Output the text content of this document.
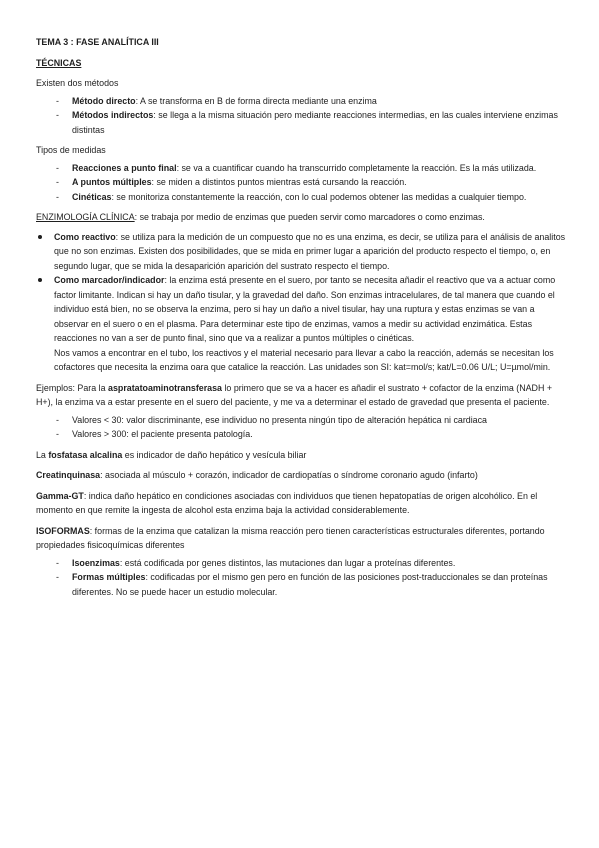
TEMA 3 : FASE ANALÍTICA III

TÉCNICAS

Existen dos métodos

- Método directo: A se transforma en B de forma directa mediante una enzima
- Métodos indirectos: se llega a la misma situación pero mediante reacciones intermedias, en las cuales interviene enzimas distintas

Tipos de medidas

- Reacciones a punto final: se va a cuantificar cuando ha transcurrido completamente la reacción. Es la más utilizada.
- A puntos múltiples: se miden a distintos puntos mientras está cursando la reacción.
- Cinéticas: se monitoriza constantemente la reacción, con lo cual podemos obtener las medidas a cualquier tiempo.

ENZIMOLOGÍA CLÍNICA: se trabaja por medio de enzimas que pueden servir como marcadores o como enzimas.

Como reactivo: se utiliza para la medición de un compuesto que no es una enzima, es decir, se utiliza para el análisis de analitos que no son enzimas. Existen dos posibilidades, que se mida en primer lugar a aparición del producto respecto el tiempo, o, en segundo lugar, que se mida la desaparición aparición del sustrato respecto el tiempo.
Como marcador/indicador: la enzima está presente en el suero, por tanto se necesita añadir el reactivo que va a actuar como factor limitante. Indican si hay un daño tisular, y la gravedad del daño. Son enzimas intracelulares, de tal manera que cuando el individuo está bien, no se observa la enzima, pero si hay un daño a nivel tisular, hay una ruptura y estas enzimas se van a observar en el suero o en el plasma. Para determinar este tipo de enzimas, vamos a medir su actividad enzimática. Estas reacciones no van a ser de punto final, sino que va a realizar a puntos múltiples o cinéticas.
Nos vamos a encontrar en el tubo, los reactivos y el material necesario para llevar a cabo la reacción, además se necesitan los cofactores que necesita la enzima oara que catalice la reacción. Las unidades son SI: kat=mol/s; kat/L=0.06 U/L; U=µmol/min.

Ejemplos: Para la aspratatoaminotransferasa lo primero que se va a hacer es añadir el sustrato + cofactor de la enzima (NADH + H+), la enzima va a estar presente en el suero del paciente, y me va a determinar el estado de gravedad que presenta el paciente.

- Valores < 30: valor discriminante, ese individuo no presenta ningún tipo de alteración hepática ni cardiaca
- Valores > 300: el paciente presenta patología.

La fosfatasa alcalina es indicador de daño hepático y vesícula biliar

Creatinquinasa: asociada al músculo + corazón, indicador de cardiopatías o síndrome coronario agudo (infarto)

Gamma-GT: indica daño hepático en condiciones asociadas con individuos que tienen hepatopatías de origen alcohólico. En el momento en que remite la ingesta de alcohol esta enzima baja la actividad considerablemente.

ISOFORMAS: formas de la enzima que catalizan la misma reacción pero tienen características estructurales diferentes, portando propiedades fisicoquímicas diferentes

- Isoenzimas: está codificada por genes distintos, las mutaciones dan lugar a proteínas diferentes.
- Formas múltiples: codificadas por el mismo gen pero en función de las posiciones post-traduccionales se dan proteínas diferentes. No se puede hacer un estudio molecular.
